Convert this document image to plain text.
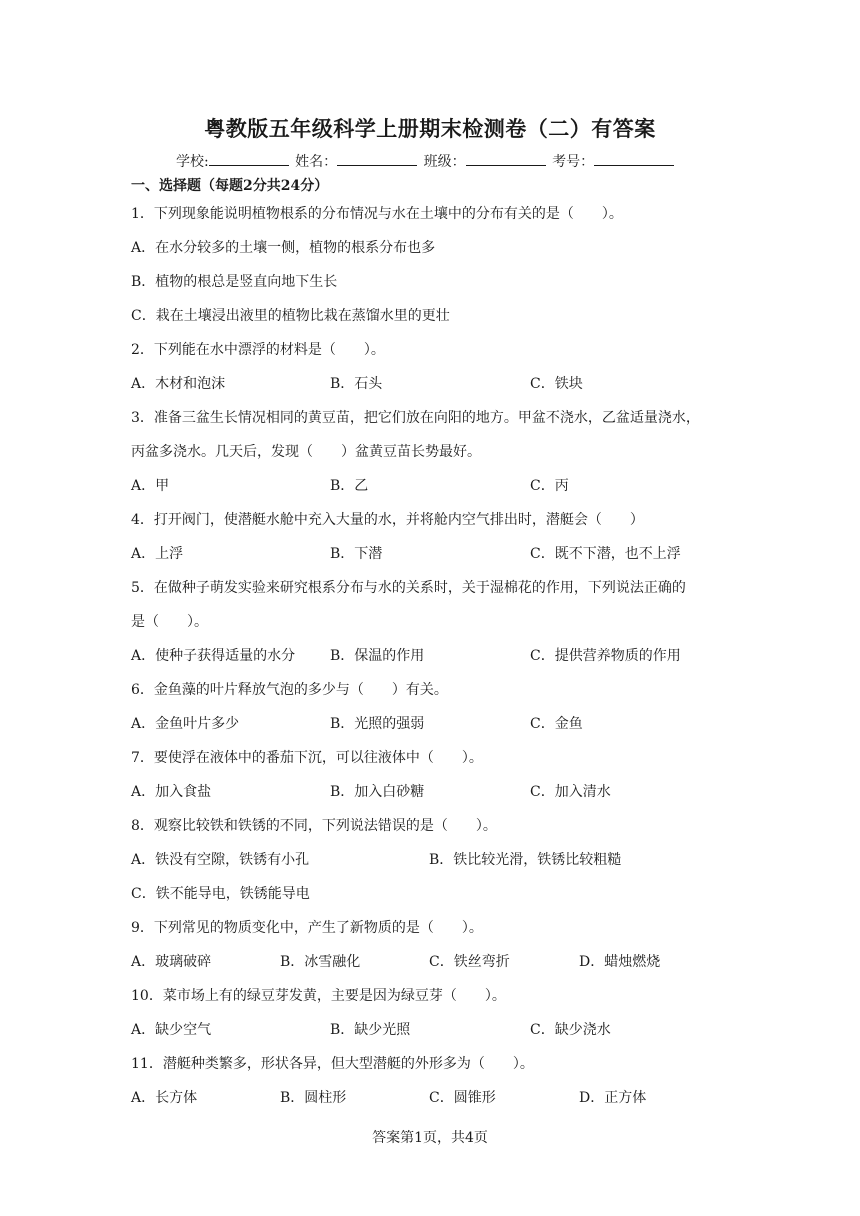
粤教版五年级科学上册期末检测卷（二）有答案
学校:	姓名：	班级：	考号：
一、选择题（每题2分共24分）
1．下列现象能说明植物根系的分布情况与水在土壤中的分布有关的是（　　）。
A．在水分较多的土壤一侧，植物的根系分布也多
B．植物的根总是竖直向地下生长
C．栽在土壤浸出液里的植物比栽在蒸馏水里的更壮
2．下列能在水中漂浮的材料是（　　）。
A．木材和泡沫	B．石头	C．铁块
3．准备三盆生长情况相同的黄豆苗，把它们放在向阳的地方。甲盆不浇水，乙盆适量浇水，
丙盆多浇水。几天后，发现（　　）盆黄豆苗长势最好。
A．甲	B．乙	C．丙
4．打开阀门，使潜艇水舱中充入大量的水，并将舱内空气排出时，潜艇会（　　）
A．上浮	B．下潜	C．既不下潜，也不上浮
5．在做种子萌发实验来研究根系分布与水的关系时，关于湿棉花的作用，下列说法正确的
是（　　）。
A．使种子获得适量的水分 B．保温的作用	C．提供营养物质的作用
6．金鱼藻的叶片释放气泡的多少与（　　）有关。
A．金鱼叶片多少	B．光照的强弱	C．金鱼
7．要使浮在液体中的番茄下沉，可以往液体中（　　）。
A．加入食盐	B．加入白砂糖	C．加入清水
8．观察比较铁和铁锈的不同，下列说法错误的是（　　）。
A．铁没有空隙，铁锈有小孔	B．铁比较光滑，铁锈比较粗糙
C．铁不能导电，铁锈能导电
9．下列常见的物质变化中，产生了新物质的是（　　）。
A．玻璃破碎	B．冰雪融化	C．铁丝弯折	D．蜡烛燃烧
10．菜市场上有的绿豆芽发黄，主要是因为绿豆芽（　　）。
A．缺少空气	B．缺少光照	C．缺少浇水
11．潜艇种类繁多，形状各异，但大型潜艇的外形多为（　　）。
A．长方体	B．圆柱形	C．圆锥形	D．正方体
答案第1页，共4页
